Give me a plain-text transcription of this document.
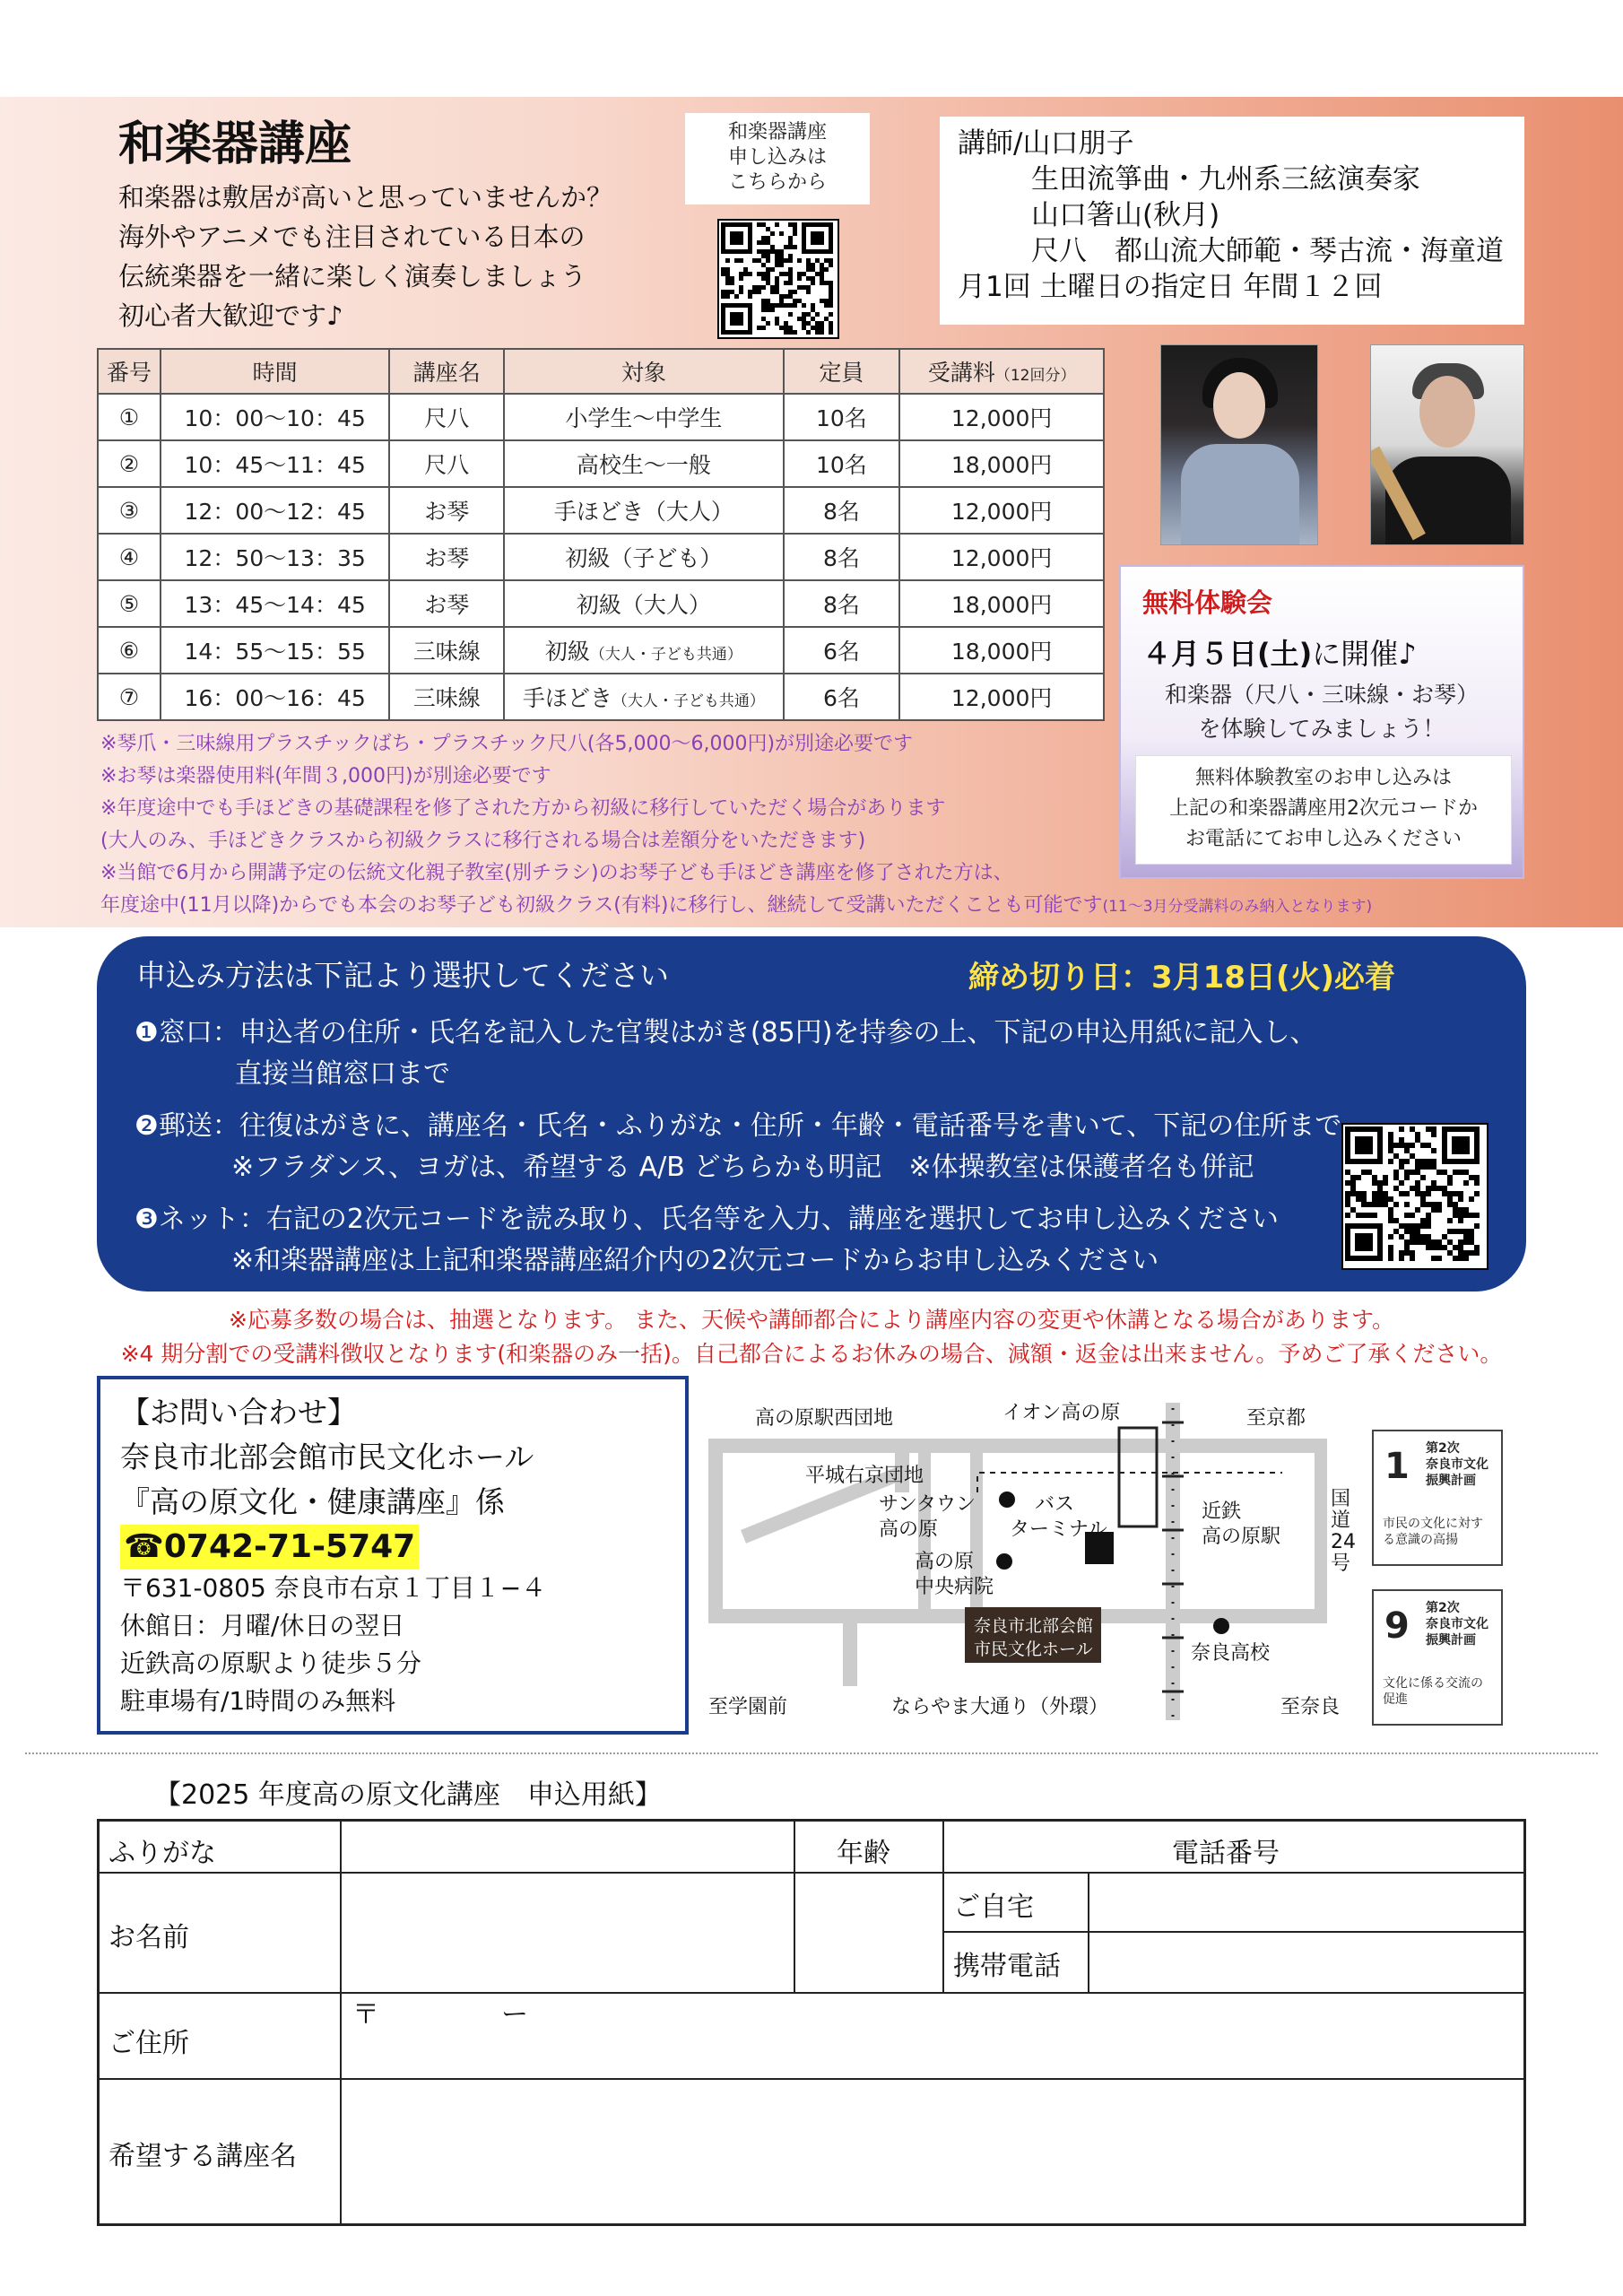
和楽器講座
和楽器は敷居が高いと思っていませんか？
海外やアニメでも注目されている日本の
伝統楽器を一緒に楽しく演奏しましょう
初心者大歓迎です♪
和楽器講座
申し込みは
こちらから
講師/山口朋子
生田流箏曲・九州系三絃演奏家
山口箸山(秋月)
尺八　都山流大師範・琴古流・海童道
月1回 土曜日の指定日 年間１２回
番号	時間	講座名	対象	定員	受講料（12回分）
①	10：00〜10：45	尺八	小学生〜中学生	10名	12,000円
②	10：45〜11：45	尺八	高校生〜一般	10名	18,000円
③	12：00〜12：45	お琴	手ほどき（大人）	8名	12,000円
④	12：50〜13：35	お琴	初級（子ども）	8名	12,000円
⑤	13：45〜14：45	お琴	初級（大人）	8名	18,000円
⑥	14：55〜15：55	三味線	初級（大人・子ども共通）	6名	18,000円
⑦	16：00〜16：45	三味線	手ほどき（大人・子ども共通）	6名	12,000円
無料体験会
４月５日(土)に開催♪
和楽器（尺八・三味線・お琴）
を体験してみましょう！
無料体験教室のお申し込みは
上記の和楽器講座用2次元コードか
お電話にてお申し込みください
※琴爪・三味線用プラスチックばち・プラスチック尺八(各5,000〜6,000円)が別途必要です
※お琴は楽器使用料(年間３,000円)が別途必要です
※年度途中でも手ほどきの基礎課程を修了された方から初級に移行していただく場合があります
(大人のみ、手ほどきクラスから初級クラスに移行される場合は差額分をいただきます)
※当館で6月から開講予定の伝統文化親子教室(別チラシ)のお琴子ども手ほどき講座を修了された方は、
年度途中(11月以降)からでも本会のお琴子ども初級クラス(有料)に移行し、継続して受講いただくことも可能です(11〜3月分受講料のみ納入となります)
申込み方法は下記より選択してください	締め切り日：3月18日(火)必着
❶窓口：申込者の住所・氏名を記入した官製はがき(85円)を持参の上、下記の申込用紙に記入し、
直接当館窓口まで
❷郵送：往復はがきに、講座名・氏名・ふりがな・住所・年齢・電話番号を書いて、下記の住所まで
※フラダンス、ヨガは、希望する A/B どちらかも明記　※体操教室は保護者名も併記
❸ネット：右記の2次元コードを読み取り、氏名等を入力、講座を選択してお申し込みください
※和楽器講座は上記和楽器講座紹介内の2次元コードからお申し込みください
※応募多数の場合は、抽選となります。 また、天候や講師都合により講座内容の変更や休講となる場合があります。
※4 期分割での受講料徴収となります(和楽器のみ一括)。自己都合によるお休みの場合、減額・返金は出来ません。予めご了承ください。
【お問い合わせ】
奈良市北部会館市民文化ホール
『高の原文化・健康講座』係
☎0742-71-5747
〒631-0805 奈良市右京１丁目１−４
休館日：月曜/休日の翌日
近鉄高の原駅より徒歩５分
駐車場有/1時間のみ無料
高の原駅西団地	イオン高の原	至京都
平城右京団地
サンタウン
高の原
バス
ターミナル
近鉄
高の原駅
高の原
中央病院
国道24号
奈良市北部会館
市民文化ホール	奈良高校
至学園前	ならやま大通り（外環）	至奈良
1 第2次
奈良市文化
振興計画
市民の文化に対す
る意識の高揚
9 第2次
奈良市文化
振興計画
文化に係る交流の
促進
【2025 年度高の原文化講座　申込用紙】
ふりがな	年齢	電話番号
お名前
ご自宅
携帯電話
ご住所
〒	ー
希望する講座名
